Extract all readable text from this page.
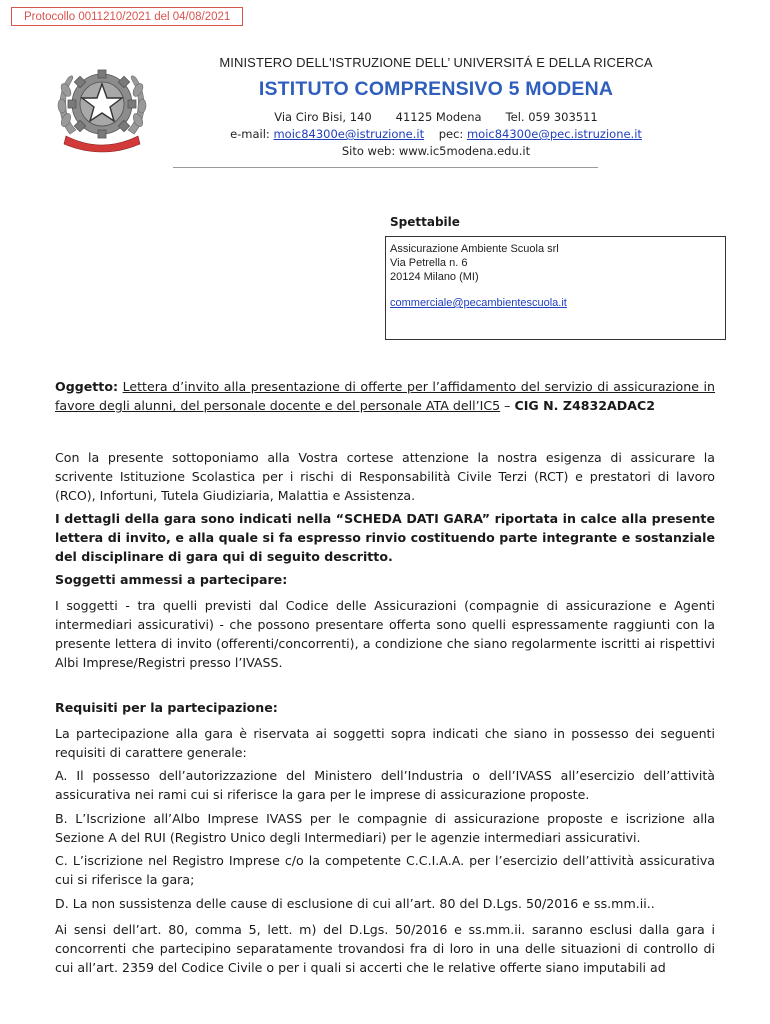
Protocollo 0011210/2021 del 04/08/2021
MINISTERO DELL'ISTRUZIONE DELL’ UNIVERSITÁ E DELLA RICERCA
ISTITUTO COMPRENSIVO 5 MODENA
Via Ciro Bisi, 140 41125 Modena Tel. 059 303511
e-mail: moic84300e@istruzione.it pec: moic84300e@pec.istruzione.it
Sito web: www.ic5modena.edu.it
Spettabile
Assicurazione Ambiente Scuola srl
Via Petrella n. 6
20124 Milano (MI)
commerciale@pecambientescuola.it
Oggetto: Lettera d’invito alla presentazione di offerte per l’affidamento del servizio di assicurazione in favore degli alunni, del personale docente e del personale ATA dell’IC5 – CIG N. Z4832ADAC2

Con la presente sottoponiamo alla Vostra cortese attenzione la nostra esigenza di assicurare la scrivente Istituzione Scolastica per i rischi di Responsabilità Civile Terzi (RCT) e prestatori di lavoro (RCO), Infortuni, Tutela Giudiziaria, Malattia e Assistenza.

I dettagli della gara sono indicati nella “SCHEDA DATI GARA” riportata in calce alla presente lettera di invito, e alla quale si fa espresso rinvio costituendo parte integrante e sostanziale del disciplinare di gara qui di seguito descritto.

Soggetti ammessi a partecipare:

I soggetti - tra quelli previsti dal Codice delle Assicurazioni (compagnie di assicurazione e Agenti intermediari assicurativi) - che possono presentare offerta sono quelli espressamente raggiunti con la presente lettera di invito (offerenti/concorrenti), a condizione che siano regolarmente iscritti ai rispettivi Albi Imprese/Registri presso l’IVASS.

Requisiti per la partecipazione:

La partecipazione alla gara è riservata ai soggetti sopra indicati che siano in possesso dei seguenti requisiti di carattere generale:

A. Il possesso dell’autorizzazione del Ministero dell’Industria o dell’IVASS all’esercizio dell’attività assicurativa nei rami cui si riferisce la gara per le imprese di assicurazione proposte.

B. L’Iscrizione all’Albo Imprese IVASS per le compagnie di assicurazione proposte e iscrizione alla Sezione A del RUI (Registro Unico degli Intermediari) per le agenzie intermediari assicurativi.

C. L’iscrizione nel Registro Imprese c/o la competente C.C.I.A.A. per l’esercizio dell’attività assicurativa cui si riferisce la gara;

D. La non sussistenza delle cause di esclusione di cui all’art. 80 del D.Lgs. 50/2016 e ss.mm.ii..

Ai sensi dell’art. 80, comma 5, lett. m) del D.Lgs. 50/2016 e ss.mm.ii. saranno esclusi dalla gara i concorrenti che partecipino separatamente trovandosi fra di loro in una delle situazioni di controllo di cui all’art. 2359 del Codice Civile o per i quali si accerti che le relative offerte siano imputabili ad
